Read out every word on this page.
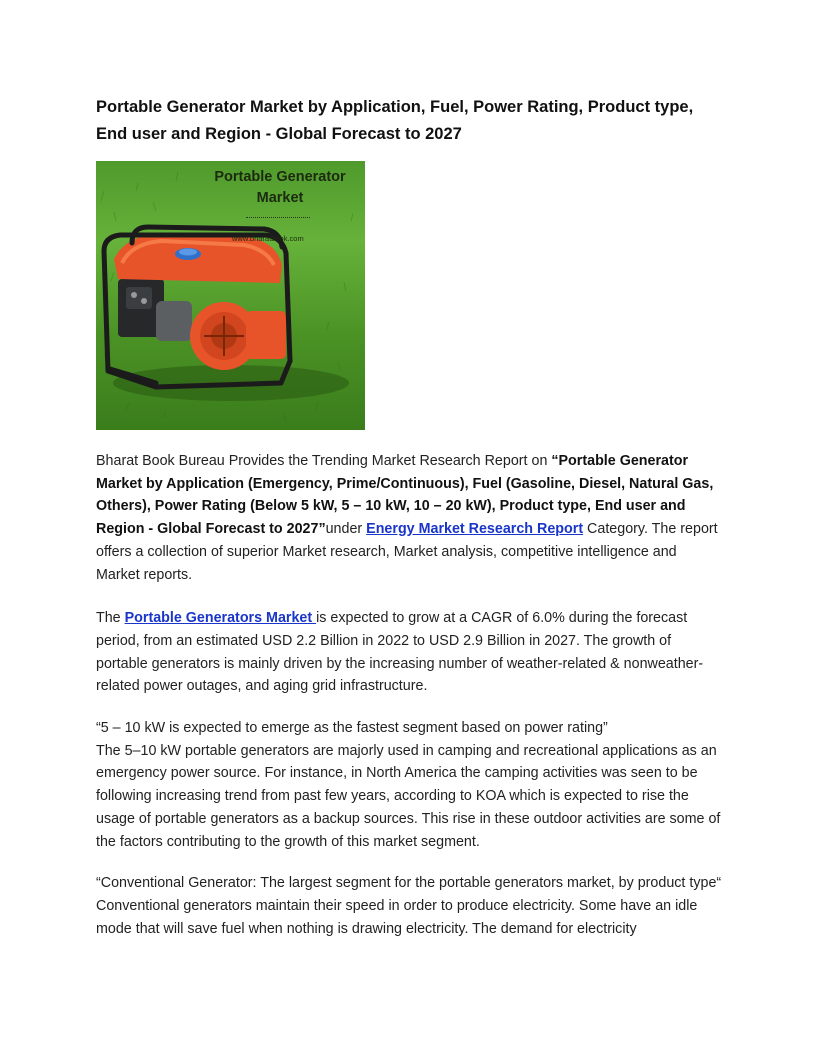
Portable Generator Market by Application, Fuel, Power Rating, Product type, End user and Region - Global Forecast to 2027
Portable Generator Market
www.bharatbook.com

Bharat Book Bureau Provides the Trending Market Research Report on “Portable Generator Market by Application (Emergency, Prime/Continuous), Fuel (Gasoline, Diesel, Natural Gas, Others), Power Rating (Below 5 kW, 5 – 10 kW, 10 – 20 kW), Product type, End user and Region - Global Forecast to 2027”under Energy Market Research Report Category. The report offers a collection of superior Market research, Market analysis, competitive intelligence and Market reports.

The Portable Generators Market is expected to grow at a CAGR of 6.0% during the forecast period, from an estimated USD 2.2 Billion in 2022 to USD 2.9 Billion in 2027. The growth of portable generators is mainly driven by the increasing number of weather-related & nonweather-related power outages, and aging grid infrastructure.

“5 – 10 kW is expected to emerge as the fastest segment based on power rating”
The 5–10 kW portable generators are majorly used in camping and recreational applications as an emergency power source. For instance, in North America the camping activities was seen to be following increasing trend from past few years, according to KOA which is expected to rise the usage of portable generators as a backup sources. This rise in these outdoor activities are some of the factors contributing to the growth of this market segment.

“Conventional Generator: The largest segment for the portable generators market, by product type“
Conventional generators maintain their speed in order to produce electricity. Some have an idle mode that will save fuel when nothing is drawing electricity. The demand for electricity
